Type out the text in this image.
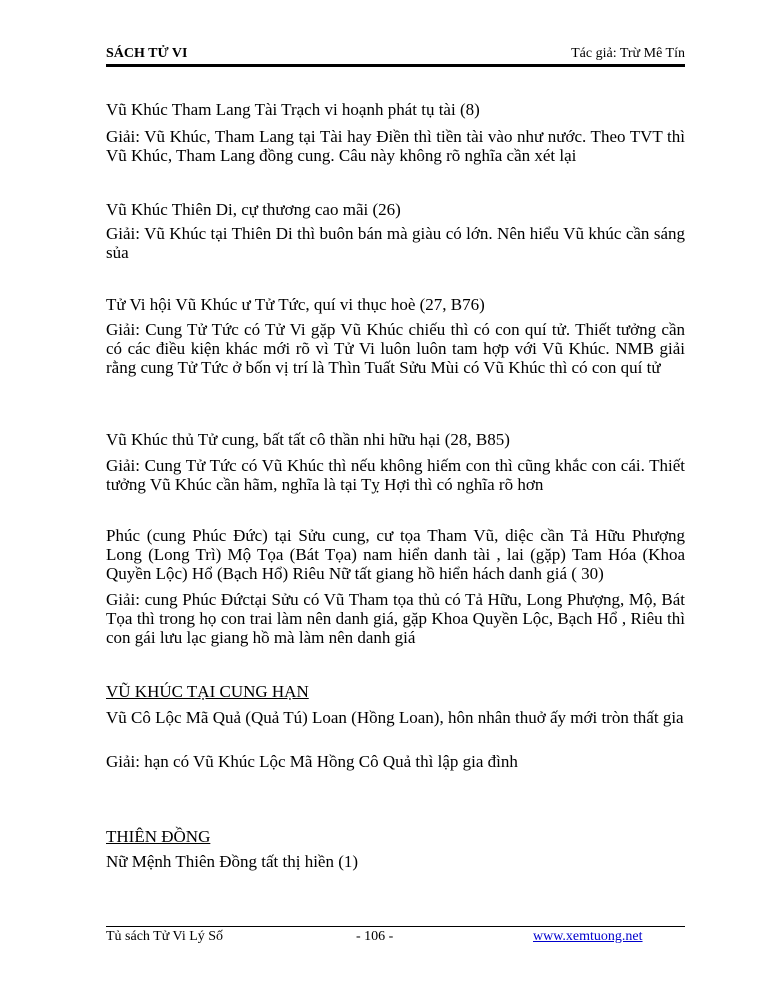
SÁCH TỬ VI	Tác giả: Trừ Mê Tín
Vũ Khúc Tham Lang Tài Trạch vi hoạnh phát tụ tài (8)
Giải: Vũ Khúc, Tham Lang tại Tài hay Điền thì tiền tài vào như nước. Theo TVT thì Vũ Khúc, Tham Lang đồng cung. Câu này không rõ nghĩa cần xét lại
Vũ Khúc Thiên Di, cự thương cao mãi (26)
Giải: Vũ Khúc tại Thiên Di thì buôn bán mà giàu có lớn. Nên hiểu Vũ khúc cần sáng sủa
Tử Vi hội Vũ Khúc ư Tử Tức, quí vi thục hoè (27, B76)
Giải: Cung Tử Tức có Tử Vi gặp Vũ Khúc chiếu thì có con quí tử. Thiết tưởng cần có các điều kiện khác mới rõ vì Tử Vi luôn luôn tam hợp với Vũ Khúc. NMB giải rằng cung Tử Tức ở bốn vị trí là Thìn Tuất Sửu Mùi có Vũ Khúc thì có con quí tử
Vũ Khúc thủ Tử cung, bất tất cô thần nhi hữu hại (28, B85)
Giải: Cung Tử Tức có Vũ Khúc thì nếu không hiếm con thì cũng khắc con cái. Thiết tưởng Vũ Khúc cần hãm, nghĩa là tại Tỵ Hợi thì có nghĩa rõ hơn
Phúc (cung Phúc Đức) tại Sửu cung, cư tọa Tham Vũ, diệc cần Tả Hữu Phượng Long (Long Trì) Mộ Tọa (Bát Tọa) nam hiển danh tài , lai (gặp) Tam Hóa (Khoa Quyền Lộc) Hổ (Bạch Hổ) Riêu Nữ tất giang hồ hiển hách danh giá ( 30)
Giải: cung Phúc Đứctại Sửu có Vũ Tham tọa thủ có Tả Hữu, Long Phượng, Mộ, Bát Tọa thì trong họ con trai làm nên danh giá, gặp Khoa Quyền Lộc, Bạch Hổ , Riêu thì con gái lưu lạc giang hồ mà làm nên danh giá
VŨ KHÚC TẠI CUNG HẠN
Vũ Cô Lộc Mã Quả (Quả Tú) Loan (Hồng Loan), hôn nhân thuở ấy mới tròn thất gia
Giải: hạn có Vũ Khúc Lộc Mã Hồng Cô Quả thì lập gia đình
THIÊN ĐỒNG
Nữ Mệnh Thiên Đồng tất thị hiền (1)
Tủ sách Tử Vi Lý Số	- 106 -	www.xemtuong.net
